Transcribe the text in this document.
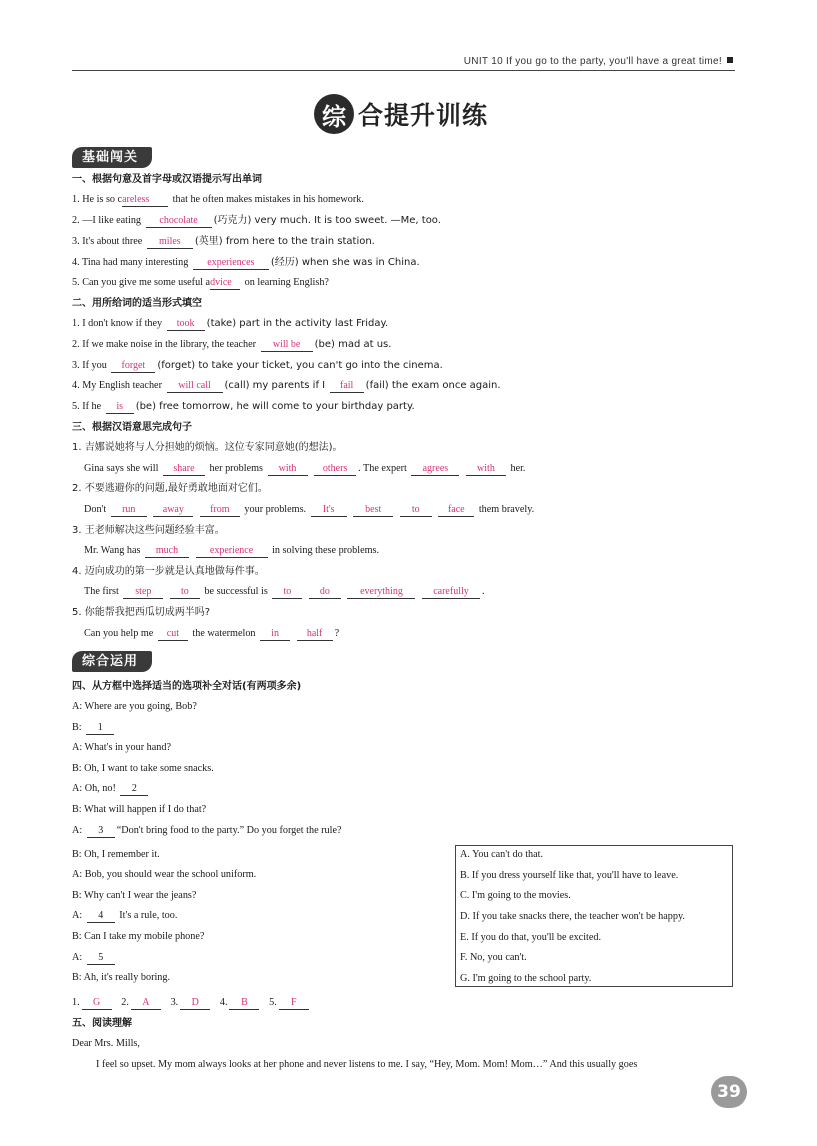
UNIT 10 If you go to the party, you'll have a great time!
综 合提升训练
基础闯关
一、根据句意及首字母或汉语提示写出单词
1. He is so careless that he often makes mistakes in his homework.
2. —I like eating chocolate (巧克力) very much. It is too sweet. —Me, too.
3. It's about three miles (英里) from here to the train station.
4. Tina had many interesting experiences (经历) when she was in China.
5. Can you give me some useful advice on learning English?
二、用所给词的适当形式填空
1. I don't know if they took (take) part in the activity last Friday.
2. If we make noise in the library, the teacher will be (be) mad at us.
3. If you forget (forget) to take your ticket, you can't go into the cinema.
4. My English teacher will call (call) my parents if I fail (fail) the exam once again.
5. If he is (be) free tomorrow, he will come to your birthday party.
三、根据汉语意思完成句子
1. 吉娜说她将与人分担她的烦恼。这位专家同意她(的想法)。
Gina says she will share her problems with	others . The expert agrees	with her.
2. 不要逃避你的问题,最好勇敢地面对它们。
Don't run	away	from your problems. It's	best	to	face them bravely.
3. 王老师解决这些问题经验丰富。
Mr. Wang has much	experience in solving these problems.
4. 迈向成功的第一步就是认真地做每件事。
The first step	to be successful is to	do	everything	carefully .
5. 你能帮我把西瓜切成两半吗?
Can you help me cut the watermelon in	half ?
综合运用
四、从方框中选择适当的选项补全对话(有两项多余)
A: Where are you going, Bob?
B: 1
A: What's in your hand?
B: Oh, I want to take some snacks.
A: Oh, no! 2
B: What will happen if I do that?
A: 3 “Don't bring food to the party.” Do you forget the rule?
B: Oh, I remember it.
A: Bob, you should wear the school uniform.
B: Why can't I wear the jeans?
A: 4 It's a rule, too.
B: Can I take my mobile phone?
A: 5
B: Ah, it's really boring.
A. You can't do that.
B. If you dress yourself like that, you'll have to leave.
C. I'm going to the movies.
D. If you take snacks there, the teacher won't be happy.
E. If you do that, you'll be excited.
F. No, you can't.
G. I'm going to the school party.
1. G 2. A 3. D 4. B 5. F
五、阅读理解
Dear Mrs. Mills,
I feel so upset. My mom always looks at her phone and never listens to me. I say, “Hey, Mom. Mom! Mom…” And this usually goes
39
